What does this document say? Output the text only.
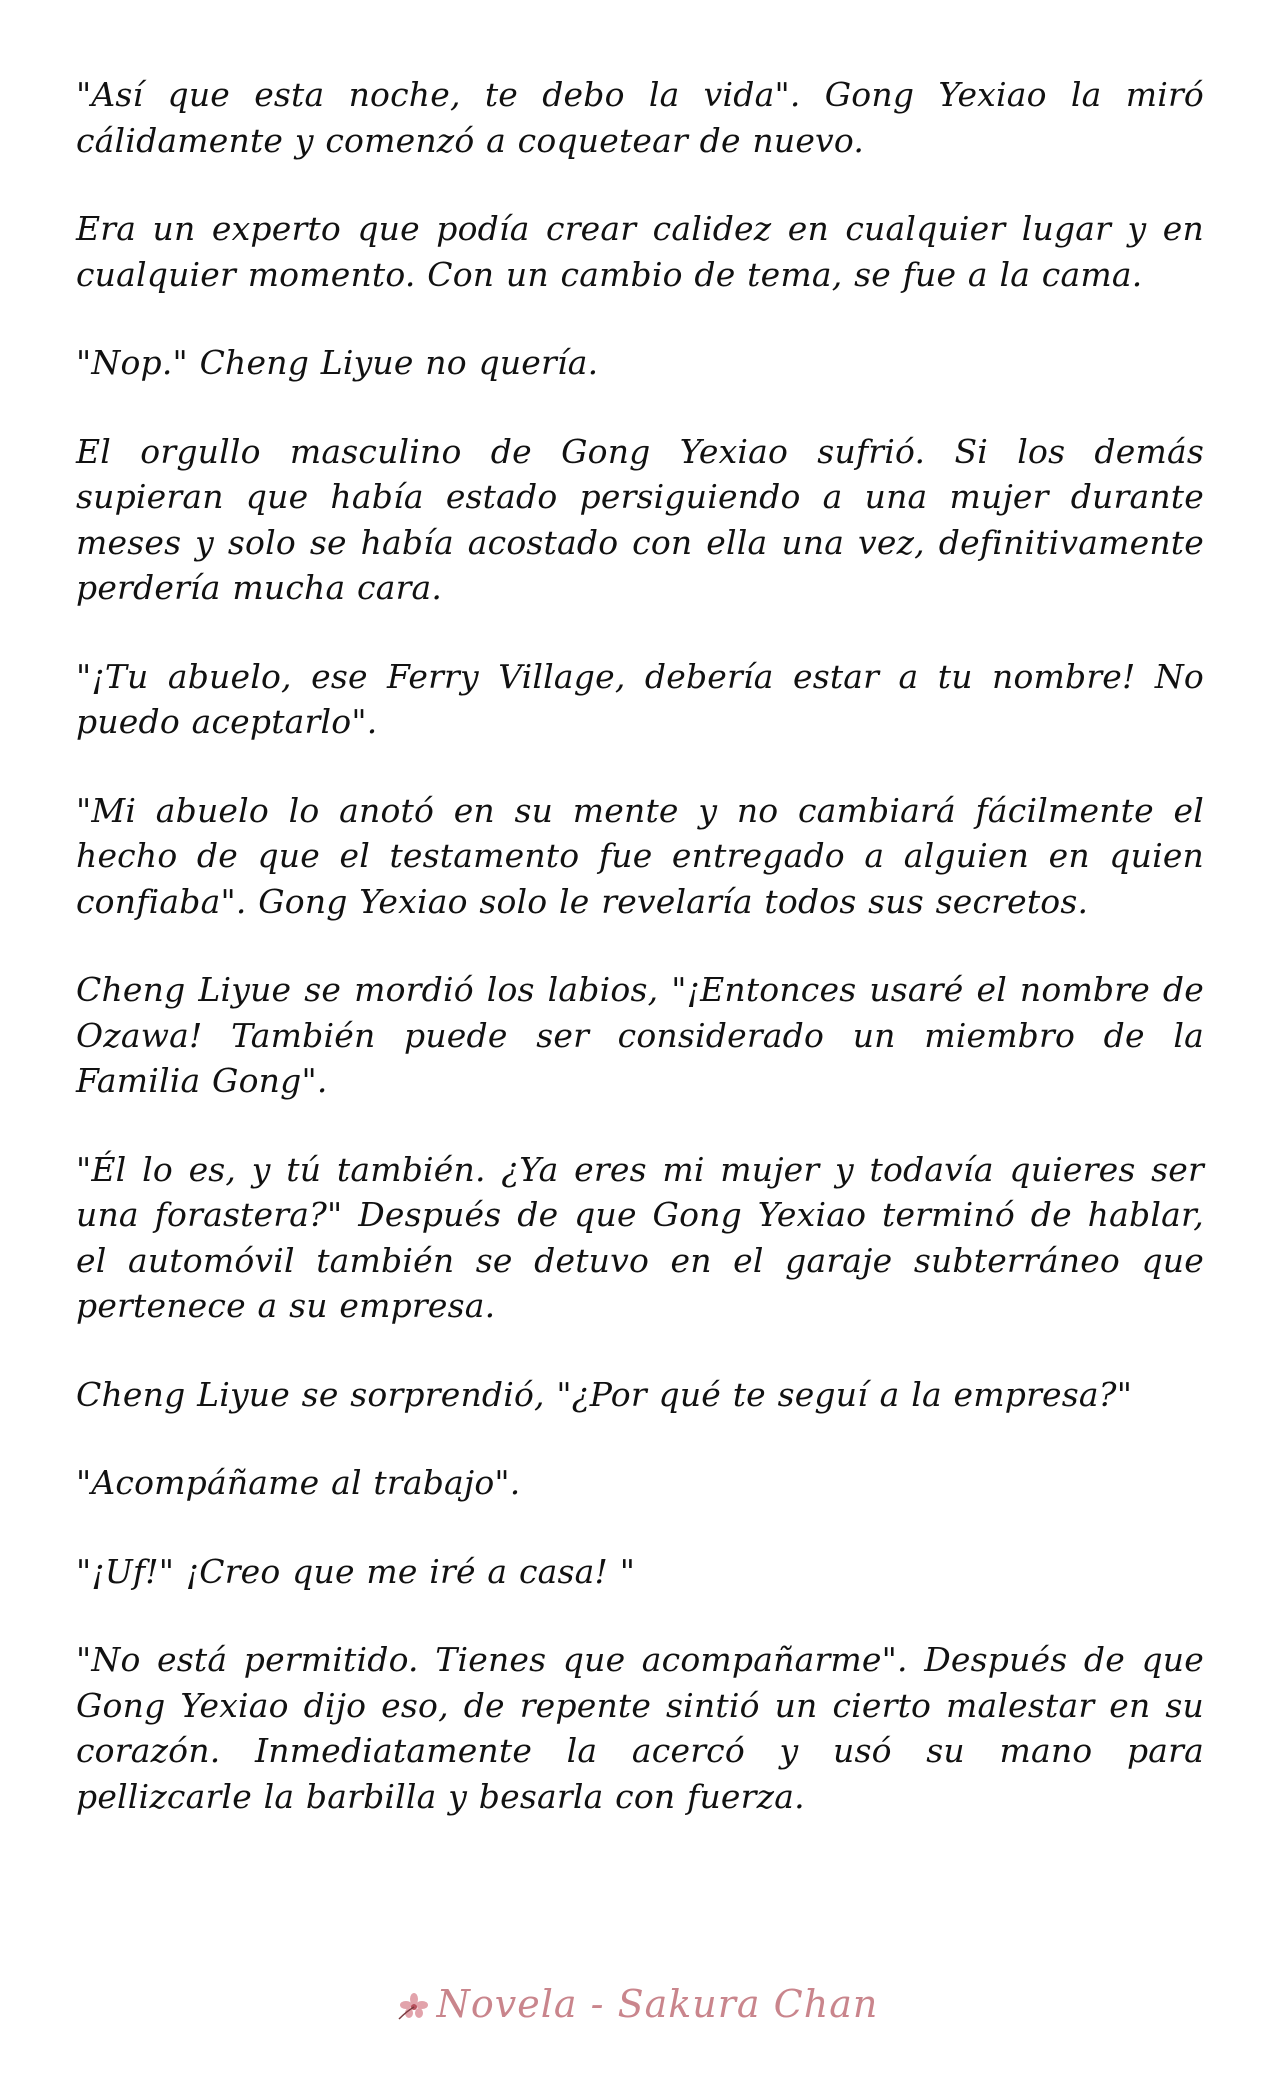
"Así que esta noche, te debo la vida". Gong Yexiao la miró cálidamente y comenzó a coquetear de nuevo.

Era un experto que podía crear calidez en cualquier lugar y en cualquier momento. Con un cambio de tema, se fue a la cama.

"Nop." Cheng Liyue no quería.

El orgullo masculino de Gong Yexiao sufrió. Si los demás supieran que había estado persiguiendo a una mujer durante meses y solo se había acostado con ella una vez, definitivamente perdería mucha cara.

"¡Tu abuelo, ese Ferry Village, debería estar a tu nombre! No puedo aceptarlo".

"Mi abuelo lo anotó en su mente y no cambiará fácilmente el hecho de que el testamento fue entregado a alguien en quien confiaba". Gong Yexiao solo le revelaría todos sus secretos.

Cheng Liyue se mordió los labios, "¡Entonces usaré el nombre de Ozawa! También puede ser considerado un miembro de la Familia Gong".

"Él lo es, y tú también. ¿Ya eres mi mujer y todavía quieres ser una forastera?" Después de que Gong Yexiao terminó de hablar, el automóvil también se detuvo en el garaje subterráneo que pertenece a su empresa.

Cheng Liyue se sorprendió, "¿Por qué te seguí a la empresa?"

"Acompáñame al trabajo".

"¡Uf!" ¡Creo que me iré a casa! "

"No está permitido. Tienes que acompañarme". Después de que Gong Yexiao dijo eso, de repente sintió un cierto malestar en su corazón. Inmediatamente la acercó y usó su mano para pellizcarle la barbilla y besarla con fuerza.

Novela - Sakura Chan
